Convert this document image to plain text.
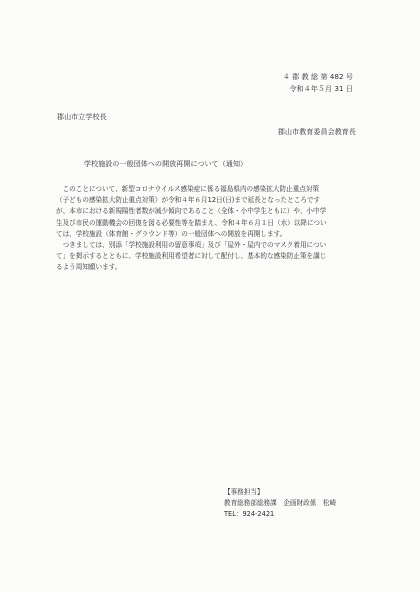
４ 郡 教 総 第 482 号
令和４年５月 31 日
郡山市立学校長
郡山市教育委員会教育長
学校施設の一般団体への開放再開について（通知）

　このことについて、新型コロナウイルス感染症に係る福島県内の感染拡大防止重点対策

（子どもの感染拡大防止重点対策）が令和４年６月12日(日)まで延長となったところです

が、本市における新規陽性者数が減少傾向であること（全体・小中学生ともに）や、小中学

生及び市民の運動機会の回復を図る必要性等を踏まえ、令和４年６月１日（水）以降につい

ては、学校施設（体育館・グラウンド等）の一般団体への開放を再開します。

　つきましては、別添「学校施設利用の留意事項」及び「屋外・屋内でのマスク着用につい

て」を掲示するとともに、学校施設利用希望者に対して配付し、基本的な感染防止策を講じ

るよう周知願います。

【事務担当】
教育総務部総務課　企画財政係　松崎
TEL：924-2421
